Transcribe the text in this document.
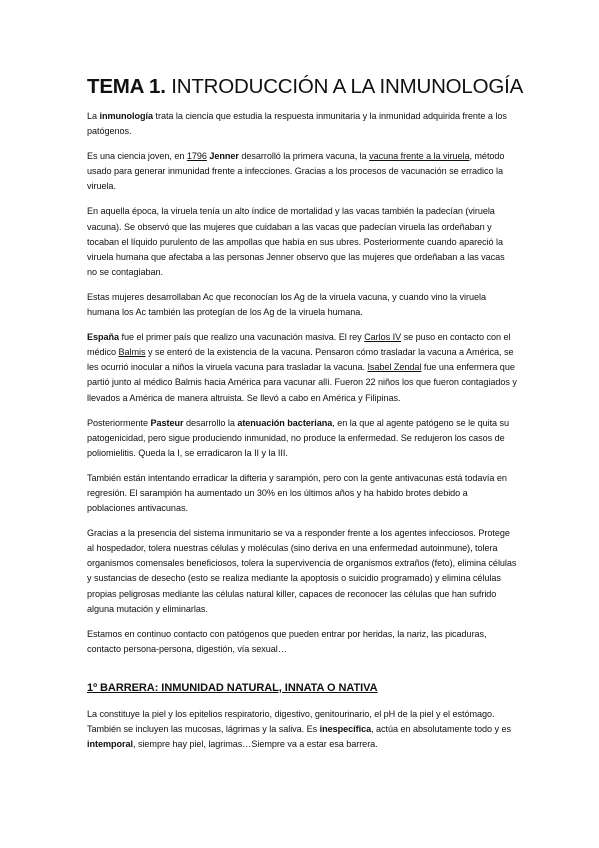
TEMA 1. INTRODUCCIÓN A LA INMUNOLOGÍA

La inmunología trata la ciencia que estudia la respuesta inmunitaria y la inmunidad adquirida frente a los patógenos.

Es una ciencia joven, en 1796 Jenner desarrolló la primera vacuna, la vacuna frente a la viruela, método usado para generar inmunidad frente a infecciones. Gracias a los procesos de vacunación se erradico la viruela.

En aquella época, la viruela tenía un alto índice de mortalidad y las vacas también la padecían (viruela vacuna). Se observó que las mujeres que cuidaban a las vacas que padecían viruela las ordeñaban y tocaban el líquido purulento de las ampollas que había en sus ubres. Posteriormente cuando apareció la viruela humana que afectaba a las personas Jenner observo que las mujeres que ordeñaban a las vacas no se contagiaban.

Estas mujeres desarrollaban Ac que reconocían los Ag de la viruela vacuna, y cuando vino la viruela humana los Ac también las protegían de los Ag de la viruela humana.

España fue el primer país que realizo una vacunación masiva. El rey Carlos IV se puso en contacto con el médico Balmis y se enteró de la existencia de la vacuna. Pensaron cómo trasladar la vacuna a América, se les ocurrió inocular a niños la viruela vacuna para trasladar la vacuna. Isabel Zendal fue una enfermera que partió junto al médico Balmis hacia América para vacunar allí. Fueron 22 niños los que fueron contagiados y llevados a América de manera altruista. Se llevó a cabo en América y Filipinas.

Posteriormente Pasteur desarrollo la atenuación bacteriana, en la que al agente patógeno se le quita su patogenicidad, pero sigue produciendo inmunidad, no produce la enfermedad. Se redujeron los casos de poliomielitis. Queda la I, se erradicaron la II y la III.

También están intentando erradicar la difteria y sarampión, pero con la gente antivacunas está todavía en regresión. El sarampión ha aumentado un 30% en los últimos años y ha habido brotes debido a poblaciones antivacunas.

Gracias a la presencia del sistema inmunitario se va a responder frente a los agentes infecciosos. Protege al hospedador, tolera nuestras células y moléculas (sino deriva en una enfermedad autoinmune), tolera organismos comensales beneficiosos, tolera la supervivencia de organismos extraños (feto), elimina células y sustancias de desecho (esto se realiza mediante la apoptosis o suicidio programado) y elimina células propias peligrosas mediante las células natural killer, capaces de reconocer las células que han sufrido alguna mutación y eliminarlas.

Estamos en continuo contacto con patógenos que pueden entrar por heridas, la nariz, las picaduras, contacto persona-persona, digestión, vía sexual…

1º BARRERA: INMUNIDAD NATURAL, INNATA O NATIVA

La constituye la piel y los epitelios respiratorio, digestivo, genitourinario, el pH de la piel y el estómago. También se incluyen las mucosas, lágrimas y la saliva. Es inespecífica, actúa en absolutamente todo y es intemporal, siempre hay piel, lagrimas…Siempre va a estar esa barrera.
